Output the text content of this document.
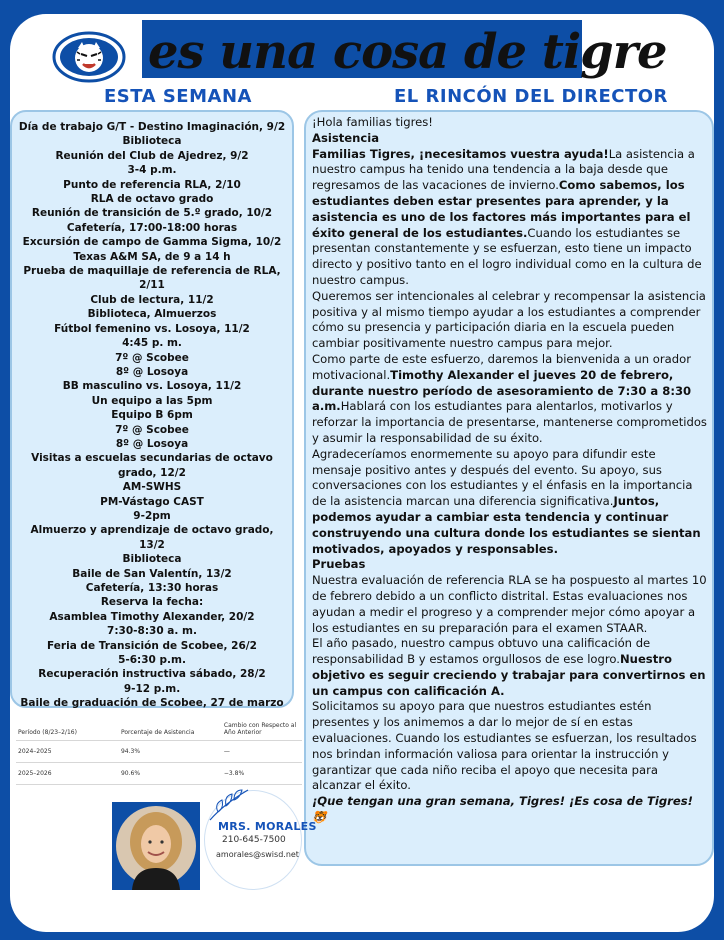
es una cosa de tigre
ESTA SEMANA	EL RINCÓN DEL DIRECTOR
Día de trabajo G/T - Destino Imaginación, 9/2
Biblioteca
Reunión del Club de Ajedrez, 9/2
3-4 p.m.
Punto de referencia RLA, 2/10
RLA de octavo grado
Reunión de transición de 5.º grado, 10/2
Cafetería, 17:00-18:00 horas
Excursión de campo de Gamma Sigma, 10/2
Texas A&M SA, de 9 a 14 h
Prueba de maquillaje de referencia de RLA, 2/11
Club de lectura, 11/2
Biblioteca, Almuerzos
Fútbol femenino vs. Losoya, 11/2
4:45 p. m.
7º @ Scobee
8º @ Losoya
BB masculino vs. Losoya, 11/2
Un equipo a las 5pm
Equipo B 6pm
7º @ Scobee
8º @ Losoya
Visitas a escuelas secundarias de octavo grado, 12/2
AM-SWHS
PM-Vástago CAST
9-2pm
Almuerzo y aprendizaje de octavo grado, 13/2
Biblioteca
Baile de San Valentín, 13/2
Cafetería, 13:30 horas
Reserva la fecha:
Asamblea Timothy Alexander, 20/2
7:30-8:30 a. m.
Feria de Transición de Scobee, 26/2
5-6:30 p.m.
Recuperación instructiva sábado, 28/2
9-12 p.m.
Baile de graduación de Scobee, 27 de marzo

¡Hola familias tigres!

Asistencia

Familias Tigres, ¡necesitamos vuestra ayuda!La asistencia a nuestro campus ha tenido una tendencia a la baja desde que regresamos de las vacaciones de invierno.Como sabemos, los estudiantes deben estar presentes para aprender, y la asistencia es uno de los factores más importantes para el éxito general de los estudiantes.Cuando los estudiantes se presentan constantemente y se esfuerzan, esto tiene un impacto directo y positivo tanto en el logro individual como en la cultura de nuestro campus.

Queremos ser intencionales al celebrar y recompensar la asistencia positiva y al mismo tiempo ayudar a los estudiantes a comprender cómo su presencia y participación diaria en la escuela pueden cambiar positivamente nuestro campus para mejor.

Como parte de este esfuerzo, daremos la bienvenida a un orador motivacional.Timothy Alexander el jueves 20 de febrero, durante nuestro período de asesoramiento de 7:30 a 8:30 a.m.Hablará con los estudiantes para alentarlos, motivarlos y reforzar la importancia de presentarse, mantenerse comprometidos y asumir la responsabilidad de su éxito.

Agradeceríamos enormemente su apoyo para difundir este mensaje positivo antes y después del evento. Su apoyo, sus conversaciones con los estudiantes y el énfasis en la importancia de la asistencia marcan una diferencia significativa.Juntos, podemos ayudar a cambiar esta tendencia y continuar construyendo una cultura donde los estudiantes se sientan motivados, apoyados y responsables.

Pruebas

Nuestra evaluación de referencia RLA se ha pospuesto al martes 10 de febrero debido a un conflicto distrital. Estas evaluaciones nos ayudan a medir el progreso y a comprender mejor cómo apoyar a los estudiantes en su preparación para el examen STAAR.

El año pasado, nuestro campus obtuvo una calificación de responsabilidad B y estamos orgullosos de ese logro.Nuestro objetivo es seguir creciendo y trabajar para convertirnos en un campus con calificación A.

Solicitamos su apoyo para que nuestros estudiantes estén presentes y los animemos a dar lo mejor de sí en estas evaluaciones. Cuando los estudiantes se esfuerzan, los resultados nos brindan información valiosa para orientar la instrucción y garantizar que cada niño reciba el apoyo que necesita para alcanzar el éxito.

¡Que tengan una gran semana, Tigres! ¡Es cosa de Tigres! 🐯

Período (8/23–2/16)	Porcentaje de Asistencia	Cambio con Respecto al Año Anterior
2024–2025	94.3%	—
2025–2026	90.6%	−3.8%
MRS. MORALES
210-645-7500
amorales@swisd.net
